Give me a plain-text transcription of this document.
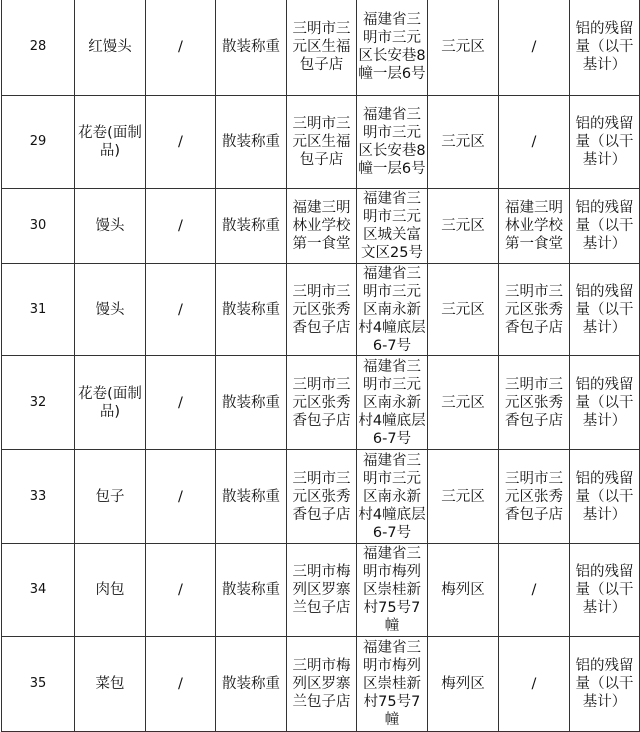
28	红馒头	/	散装称重	三明市三元区生福包子店	福建省三明市三元区长安巷8幢一层6号	三元区	/	铝的残留量（以干基计）
29	花卷(面制品)	/	散装称重	三明市三元区生福包子店	福建省三明市三元区长安巷8幢一层6号	三元区	/	铝的残留量（以干基计）
30	馒头	/	散装称重	福建三明林业学校第一食堂	福建省三明市三元区城关富文区25号	三元区	福建三明林业学校第一食堂	铝的残留量（以干基计）
31	馒头	/	散装称重	三明市三元区张秀香包子店	福建省三明市三元区南永新村4幢底层6-7号	三元区	三明市三元区张秀香包子店	铝的残留量（以干基计）
32	花卷(面制品)	/	散装称重	三明市三元区张秀香包子店	福建省三明市三元区南永新村4幢底层6-7号	三元区	三明市三元区张秀香包子店	铝的残留量（以干基计）
33	包子	/	散装称重	三明市三元区张秀香包子店	福建省三明市三元区南永新村4幢底层6-7号	三元区	三明市三元区张秀香包子店	铝的残留量（以干基计）
34	肉包	/	散装称重	三明市梅列区罗寨兰包子店	福建省三明市梅列区崇桂新村75号7幢	梅列区	/	铝的残留量（以干基计）
35	菜包	/	散装称重	三明市梅列区罗寨兰包子店	福建省三明市梅列区崇桂新村75号7幢	梅列区	/	铝的残留量（以干基计）
